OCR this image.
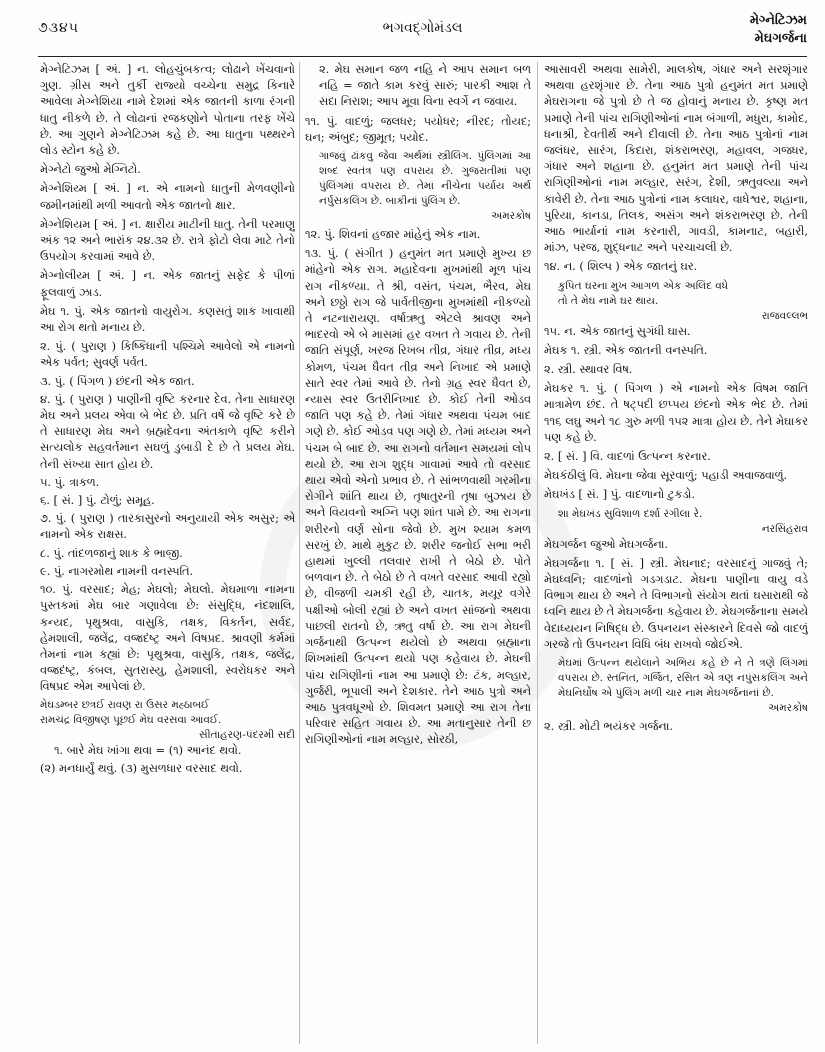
૭૩૪૫	ભગવદ્ગોમંડલ	મેગ્નેટિઝમ
મેઘગર્જના

મેગ્નેટિઝમ [ અં. ] ન. લોહચુંબકત્વ; લોઢાને ખેંચવાનો ગુણ. ગ્રીસ અને તુર્કી રાજ્યો વચ્ચેના સમુદ્ર કિનારે આવેલા મેગ્નેશિયા નામે દેશમાં એક જાતની કાળા રંગની ધાતુ નીકળે છે. તે લોઢાનાં રજકણોને પોતાના તરફ ખેંચે છે. આ ગુણને મેગ્નેટિઝમ કહે છે. આ ધાતુના પથ્થરને લોડ સ્ટોન કહે છે.

મેગ્નેટો જુઓ મેગ્નિટો.

મેગ્નેશિય્મ [ અં. ] ન. એ નામનો ધાતુની મેળવણીનો જમીનમાંથી મળી આવતો એક જાતનો ક્ષાર.

મેગ્નેશિયમ [ અં. ] ન. ક્ષારીય માટીની ધાતુ. તેની પરમાણુ અંક ૧૨ અને ભારાંક ૨૪.૩૨ છે. રાત્રે ફોટો લેવા માટે તેનો ઉપયોગ કરવામાં આવે છે.

મેગ્નોલીય્મ [ અં. ] ન. એક જાતનું સફેદ કે પીળાં ફૂલવાળું ઝાડ.

મેઘ ૧. પું. એક જાતનો વાયુરોગ. કણસતું શાક ખાવાથી આ રોગ થતો મનાય છે.

૨. પું. ( પુરાણ ) કિષ્કિંધાની પશ્ચિમે આવેલો એ નામનો એક પર્વત; સુવર્ણ પર્વત.

૩. પું. ( પિંગળ ) છંદની એક જાત.

૪. પું. ( પુરાણ ) પાણીની વૃષ્ટિ કરનાર દેવ. તેના સાધારણ મેઘ અને પ્રલય એવા બે ભેદ છે. પ્રતિ વર્ષે જે વૃષ્ટિ કરે છે તે સાધારણ મેઘ અને બ્રહ્મદેવના અંતકાળે વૃષ્ટિ કરીને સત્યલોક સહવર્તમાન સઘળું ડુબાડી દે છે તે પ્રલય મેઘ. તેની સંખ્યા સાત હોય છે.

૫. પું. ત્રાકળ.

૬. [ સં. ] પું. ટોળું; સમૂહ.

૭. પું. ( પુરાણ ) તારકાસુરનો અનુયાયી એક અસુર; એ નામનો એક રાક્ષસ.

૮. પું. તાંદળજાનું શાક કે ભાજી.

૯. પું. નાગરમોથ નામની વનસ્પતિ.

૧૦. પું. વરસાદ; મેહ; મેઘલો; મેઘલો. મેઘમાળા નામના પુસ્તકમાં મેઘ બાર ગણાવેલા છે: સંસુદ્ધિ, નંદશાલિ, કન્યદ, પૃથુશ્રવા, વાસુકિ, તક્ષક, વિકર્તન, સર્વદ, હેમશાલી, જલેંદ્ર, વજ્રદંષ્ટ્ર અને વિષપ્રદ. શ્રાવણી કર્મમાં તેમનાં નામ કહ્યાં છે: પૃથુશ્રવા, વાસુકિ, તક્ષક, જલેંદ્ર, વજ્રદંષ્ટ્ર, કંબલ, સુતરાસ્યુ, હેમશાલી, સ્વરોધકર અને વિષપ્રદ એમ આપેલાં છે.

મેઘડમ્બર છત્રઈ રાવણ રા ઉસર મહ્ઠાબઈ
રામચંદ્ર વિજીષણ પૂછઈ મેઘ વરસવા આવઈ.
સીતાહરણ-પંદરમી સદી

૧. બારે મેઘ ખાંગા થવા = (૧) આનંદ થવો.

(૨) મનધાર્યું થવું. (૩) મુસળધાર વરસાદ થવો.

૨. મેઘ સમાન જળ નહિ ને આપ સમાન બળ નહિ = જાતે કામ કરવું સારું; પારકી આશ તે સદા નિરાશ; આપ મૂવા વિના સ્વર્ગે ન જવાય.

૧૧. પું. વાદળું; જલધર; પયોધર; નીરદ; તોયદ; ઘન; અંબુદ; જીમૂત; પયોદ.

ગાજવું ઢાંકવુ જેવા અર્થમાં સ્ત્રીલિંગ. પુંલિંગમાં આ શબ્દ સ્વતંત્ર પણ વપરાય છે. ગુજરાતીમાં પણ પુંલિંગમાં વપરાય છે. તેમાં નીચેના પર્યાય અર્થ નર્પુસકલિંગ છે. બાકીનાં પુંલિંગ છે.
અમરકોષ

૧૨. પું. શિવનાં હજાર માંહેનું એક નામ.

૧૩. પું. ( સંગીત ) હનુમંત મત પ્રમાણે મુખ્ય છ માંહેનો એક રાગ. મહાદેવના મુખમાંથી મૂળ પાંચ રાગ નીકળ્યા. તે શ્રી, વસંત, પંચમ, ભૈરવ, મેઘ અને છઠ્ઠો રાગ જે પાર્વતીજીના મુખમાંથી નીકળ્યો તે નટનારાયણ. વર્ષાઋતુ એટલે શ્રાવણ અને ભાદરવો એ બે માસમાં હર વખત તે ગવાય છે. તેની જાતિ સંપૂર્ણ, ખરજ રિખબ તીવ્ર, ગંધાર તીવ્ર, મધ્ય કોમળ, પંચમ ધૈવત તીવ્ર અને નિખાદ એ પ્રમાણે સાતે સ્વર તેમાં આવે છે. તેનો ગ્રહ સ્વર ધૈવત છે, ન્યાસ સ્વર ઉતરીનિખાદ છે. કોઈ તેની ઓડવ જાતિ પણ કહે છે. તેમાં ગંધાર અથવા પંચમ બાદ ગણે છે. કોઈ ઓડવ પણ ગણે છે. તેમાં મધ્યમ અને પંચમ બે બાદ છે. આ રાગનો વર્તમાન સમયમાં લોપ થયો છે. આ રાગ શુદ્ધ ગાવામાં આવે તો વરસાદ થાય એવો એનો પ્રભાવ છે. તે સાંભળવાથી ગરમીના રોગીને શાંતિ થાય છે, તૃષાતુરની તૃષા બુઝાય છે અને વિયવનો અગ્નિ પણ શાંત પામે છે. આ રાગના શરીરનો વર્ણ સોના જેવો છે. મુખ શ્યામ કમળ સરખું છે. માથે મુકુટ છે. શરીર જનોઈ સભા ભરી હાથમાં ખુલ્લી તલવાર રાખી તે બેઠો છે. પોતે બળવાન છે. તે બેઠો છે તે વખતે વરસાદ આવી રહ્યો છે, વીજળી ચમકી રહી છે, ચાતક, મયૂર વગેરે પક્ષીઓ બોલી રહ્યાં છે અને વખત સાંજનો અથવા પાછલી રાતનો છે, ઋતુ વર્ષા છે. આ રાગ મેઘની ગર્જનાથી ઉત્પન્ન થયેલો છે અથવા બ્રહ્માના શિખમાંથી ઉત્પન્ન થયો પણ કહેવાય છે. મેઘની પાંચ રાગિણીનાં નામ આ પ્રમાણે છે: ટંક, મલ્હાર, ગુર્જરી, ભૂપાલી અને દેશકાર. તેને આઠ પુત્રો અને આઠ પુત્રવધૂઓ છે. શિવમત પ્રમાણે આ રાગ તેના પરિવાર સહિત ગવાય છે. આ મતાનુસાર તેની છ રાગિણીઓનાં નામ મલ્હાર, સોરઠી,

આસાવરી અથવા સામેરી, માલકોષ, ગંધાર અને સરશૃંગાર અથવા હરશૃંગાર છે. તેના આઠ પુત્રો હનુમંત મત પ્રમાણે મેઘરાગના જે પુત્રો છે તે જ હોવાનું મનાય છે. કૃષ્ણ મત પ્રમાણે તેની પાંચ રાગિણીઓનાં નામ બંગાળી, મધુરા, કામોદ, ધનાશ્રી, દેવતીર્થ અને દીવાલી છે. તેના આઠ પુત્રોનાં નામ જલંધર, સારંગ, કિદારા, શંકરાભરણ, મહાવલ, ગજધર, ગંધાર અને શહાના છે. હનુમંત મત પ્રમાણે તેની પાંચ રાગિણીઓનાં નામ મલ્હાર, સરંગ, દેશી, ઋતુવલ્યા અને કાવેરી છે. તેના આઠ પુત્રોનાં નામ કલાધર, વાધેશ્વર, શહાના, પુરિયા, કાનડા, તિલક, અસંગ અને શંકરાભરણ છે. તેની આઠ ભાર્યાનાં નામ કરનારી, ગાવડી, કામનાટ, બહારી, માંઝ, પરજ, શુદ્ધનાટ અને પરચાચલી છે.

૧૪. ન. ( શિલ્પ ) એક જાતનું ઘર.

કુપિત ઘરના મુખ આગળ એક અલિંદ વધે
તો તે મેઘ નામે ઘર થાય.
રાજવલ્લભ

૧૫. ન. એક જાતનું સુગંધી ઘાસ.

મેઘક ૧. સ્ત્રી. એક જાતની વનસ્પતિ.

૨. સ્ત્રી. સ્થાવર વિષ.

મેઘકર ૧. પું. ( પિંગળ ) એ નામનો એક વિષમ જાતિ માત્રામેળ છંદ. તે ષટ્પદી છપ્પય છંદનો એક ભેદ છે. તેમાં ૧૧૬ લઘુ અને ૧૮ ગુરુ મળી ૧૫૨ માત્રા હોય છે. તેને મેઘાકર પણ કહે છે.

૨. [ સં. ] વિ. વાદળાં ઉત્પન્ન કરનાર.

મેઘકંઠીલું વિ. મેઘના જેવા સૂરવાળું; પહાડી અવાજવાળું.

મેઘખંડ [ સં. ] પું. વાદળાનો ટુકડો.

શા મેઘખંડ સુવિશાળ દર્શા રંગીલા રે.
નરસિંહરાવ

મેઘગર્જન જુઓ મેઘગર્જના.

મેઘગર્જના ૧. [ સં. ] સ્ત્રી. મેઘનાદ; વરસાદનું ગાજવું તે; મેઘધ્વનિ; વાદળાંનો ગડગડાટ. મેઘના પાણીના વાયુ વડે વિભાગ થાય છે અને તે વિભાગનો સંયોગ થતાં ઘસારાથી જે ધ્વનિ થાય છે તે મેઘગર્જના કહેવાય છે. મેઘગર્જનાના સમયે વેદાધ્યયન નિષિદ્ધ છે. ઉપનયન સંસ્કારને દિવસે જો વાદળું ગરજે તો ઉપનયન વિધિ બંધ રાખવો જોઈએ.

મેઘમાં ઉત્પન્ન થયેલાને અભિય કહે છે ને તે ત્રણે લિંગમાં વપરાય છે. સ્તનિત, ગર્જિત, રસિત એ ત્રણ નપુંસકલિંગ અને મેઘનિર્ઘોષ એ પુંલિંગ મળી ચાર નામ મેઘગર્જનાનાં છે.
અમરકોષ

૨. સ્ત્રી. મોટી ભયંકર ગર્જના.
